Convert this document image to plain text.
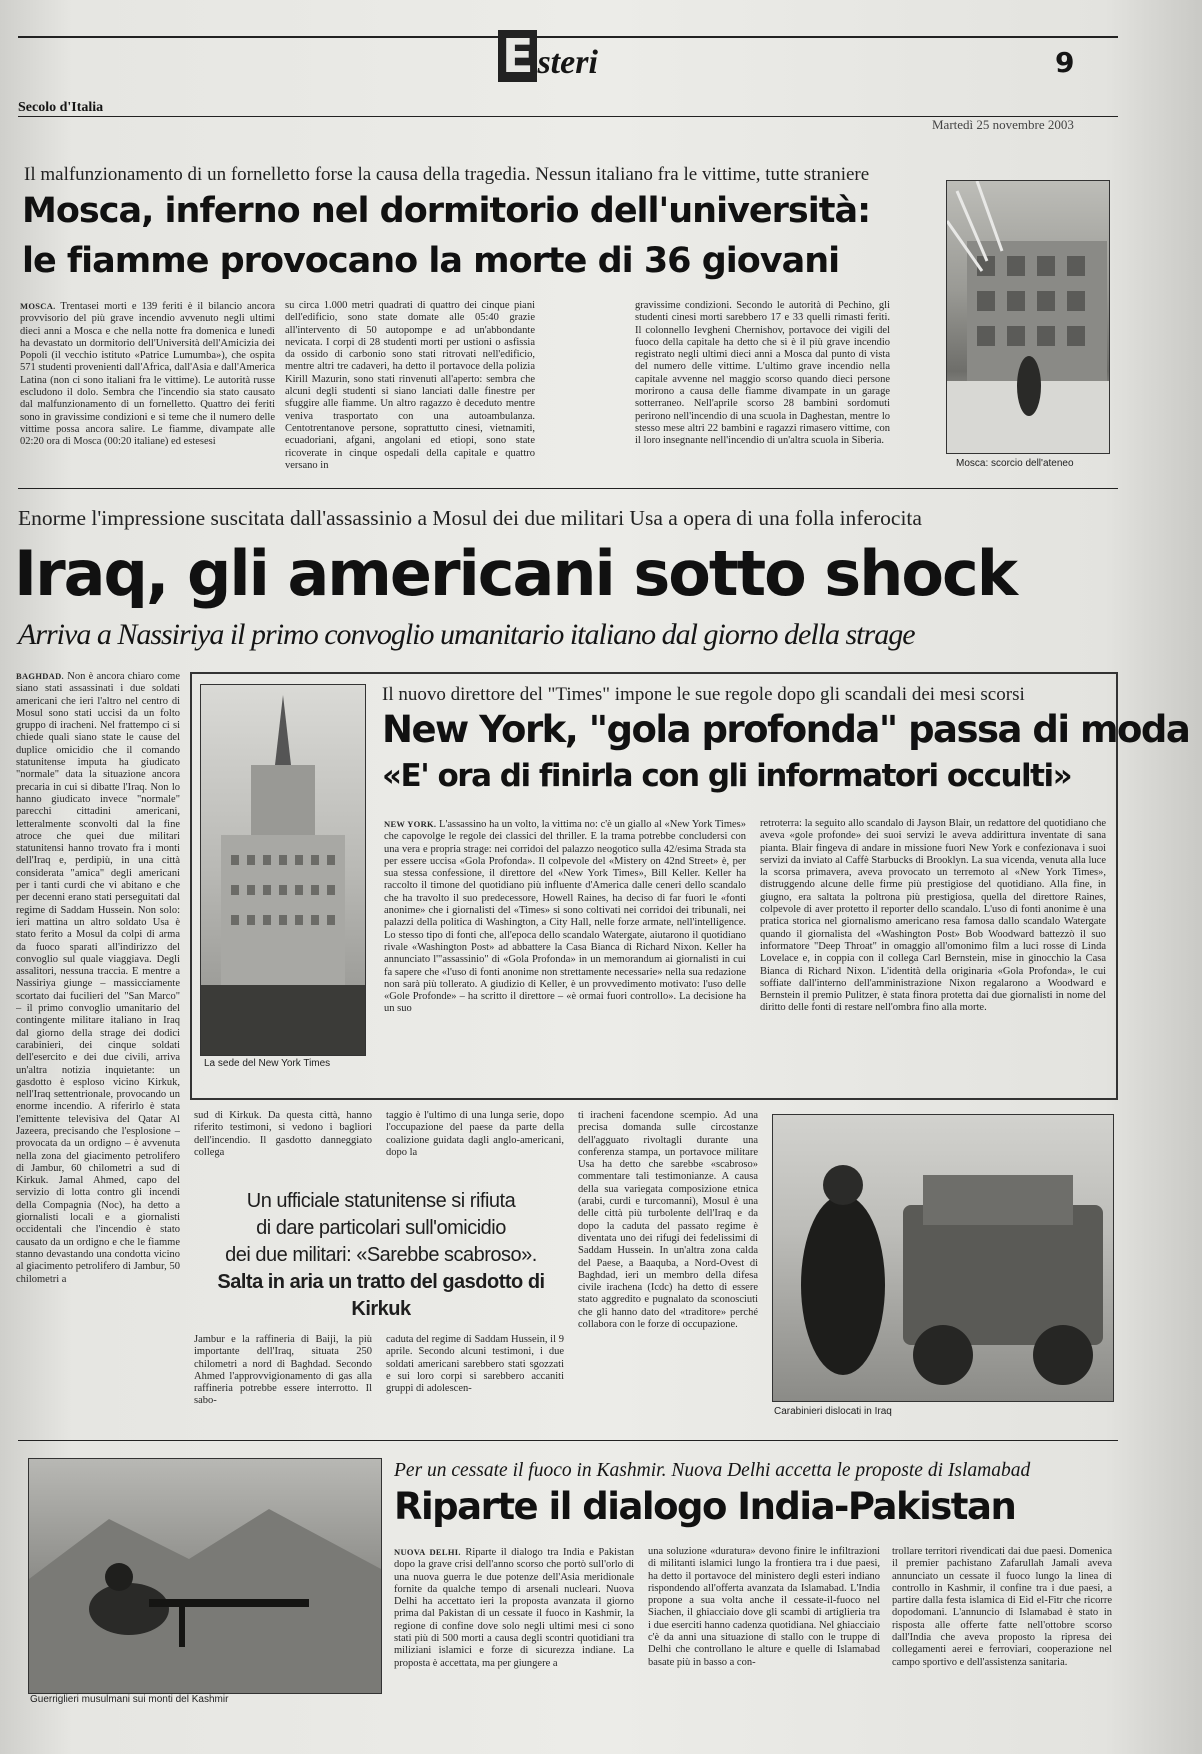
E steri	9
Secolo d'Italia
Martedì 25 novembre 2003
Il malfunzionamento di un fornelletto forse la causa della tragedia. Nessun italiano fra le vittime, tutte straniere
Mosca, inferno nel dormitorio dell'università:
le fiamme provocano la morte di 36 giovani
MOSCA. Trentasei morti e 139 feriti è il bilancio ancora provvisorio del più grave incendio avvenuto negli ultimi dieci anni a Mosca e che nella notte fra domenica e lunedì ha devastato un dormitorio dell'Università dell'Amicizia dei Popoli (il vecchio istituto «Patrice Lumumba»), che ospita 571 studenti provenienti dall'Africa, dall'Asia e dall'America Latina (non ci sono italiani fra le vittime). Le autorità russe escludono il dolo. Sembra che l'incendio sia stato causato dal malfunzionamento di un fornelletto. Quattro dei feriti sono in gravissime condizioni e si teme che il numero delle vittime possa ancora salire. Le fiamme, divampate alle 02:20 ora di Mosca (00:20 italiane) ed estesesi
su circa 1.000 metri quadrati di quattro dei cinque piani dell'edificio, sono state domate alle 05:40 grazie all'intervento di 50 autopompe e ad un'abbondante nevicata. I corpi di 28 studenti morti per ustioni o asfissia da ossido di carbonio sono stati ritrovati nell'edificio, mentre altri tre cadaveri, ha detto il portavoce della polizia Kirill Mazurin, sono stati rinvenuti all'aperto: sembra che alcuni degli studenti si siano lanciati dalle finestre per sfuggire alle fiamme. Un altro ragazzo è deceduto mentre veniva trasportato con una autoambulanza. Centotrentanove persone, soprattutto cinesi, vietnamiti, ecuadoriani, afgani, angolani ed etiopi, sono state ricoverate in cinque ospedali della capitale e quattro versano in
gravissime condizioni. Secondo le autorità di Pechino, gli studenti cinesi morti sarebbero 17 e 33 quelli rimasti feriti. Il colonnello Ievgheni Chernishov, portavoce dei vigili del fuoco della capitale ha detto che si è il più grave incendio registrato negli ultimi dieci anni a Mosca dal punto di vista del numero delle vittime. L'ultimo grave incendio nella capitale avvenne nel maggio scorso quando dieci persone morirono a causa delle fiamme divampate in un garage sotterraneo. Nell'aprile scorso 28 bambini sordomuti perirono nell'incendio di una scuola in Daghestan, mentre lo stesso mese altri 22 bambini e ragazzi rimasero vittime, con il loro insegnante nell'incendio di un'altra scuola in Siberia.
Mosca: scorcio dell'ateneo
Enorme l'impressione suscitata dall'assassinio a Mosul dei due militari Usa a opera di una folla inferocita
Iraq, gli americani sotto shock
Arriva a Nassiriya il primo convoglio umanitario italiano dal giorno della strage
BAGHDAD. Non è ancora chiaro come siano stati assassinati i due soldati americani che ieri l'altro nel centro di Mosul sono stati uccisi da un folto gruppo di iracheni. Nel frattempo ci si chiede quali siano state le cause del duplice omicidio che il comando statunitense imputa ha giudicato "normale" data la situazione ancora precaria in cui si dibatte l'Iraq. Non lo hanno giudicato invece "normale" parecchi cittadini americani, letteralmente sconvolti dal la fine atroce che quei due militari statunitensi hanno trovato fra i monti dell'Iraq e, perdipiù, in una città considerata "amica" degli americani per i tanti curdi che vi abitano e che per decenni erano stati perseguitati dal regime di Saddam Hussein. Non solo: ieri mattina un altro soldato Usa è stato ferito a Mosul da colpi di arma da fuoco sparati all'indirizzo del convoglio sul quale viaggiava. Degli assalitori, nessuna traccia. E mentre a Nassiriya giunge – massicciamente scortato dai fucilieri del "San Marco" – il primo convoglio umanitario del contingente militare italiano in Iraq dal giorno della strage dei dodici carabinieri, dei cinque soldati dell'esercito e dei due civili, arriva un'altra notizia inquietante: un gasdotto è esploso vicino Kirkuk, nell'Iraq settentrionale, provocando un enorme incendio. A riferirlo è stata l'emittente televisiva del Qatar Al Jazeera, precisando che l'esplosione – provocata da un ordigno – è avvenuta nella zona del giacimento petrolifero di Jambur, 60 chilometri a sud di Kirkuk. Jamal Ahmed, capo del servizio di lotta contro gli incendi della Compagnia (Noc), ha detto a giornalisti locali e a giornalisti occidentali che l'incendio è stato causato da un ordigno e che le fiamme stanno devastando una condotta vicino al giacimento petrolifero di Jambur, 50 chilometri a
La sede del New York Times
Il nuovo direttore del "Times" impone le sue regole dopo gli scandali dei mesi scorsi
New York, "gola profonda" passa di moda
«E' ora di finirla con gli informatori occulti»
NEW YORK. L'assassino ha un volto, la vittima no: c'è un giallo al «New York Times» che capovolge le regole dei classici del thriller. E la trama potrebbe concludersi con una vera e propria strage: nei corridoi del palazzo neogotico sulla 42/esima Strada sta per essere uccisa «Gola Profonda». Il colpevole del «Mistery on 42nd Street» è, per sua stessa confessione, il direttore del «New York Times», Bill Keller. Keller ha raccolto il timone del quotidiano più influente d'America dalle ceneri dello scandalo che ha travolto il suo predecessore, Howell Raines, ha deciso di far fuori le «fonti anonime» che i giornalisti del «Times» si sono coltivati nei corridoi dei tribunali, nei palazzi della politica di Washington, a City Hall, nelle forze armate, nell'intelligence. Lo stesso tipo di fonti che, all'epoca dello scandalo Watergate, aiutarono il quotidiano rivale «Washington Post» ad abbattere la Casa Bianca di Richard Nixon. Keller ha annunciato l'"assassinio" di «Gola Profonda» in un memorandum ai giornalisti in cui fa sapere che «l'uso di fonti anonime non strettamente necessarie» nella sua redazione non sarà più tollerato. A giudizio di Keller, è un provvedimento motivato: l'uso delle «Gole Profonde» – ha scritto il direttore – «è ormai fuori controllo». La decisione ha un suo
retroterra: la seguito allo scandalo di Jayson Blair, un redattore del quotidiano che aveva «gole profonde» dei suoi servizi le aveva addirittura inventate di sana pianta. Blair fingeva di andare in missione fuori New York e confezionava i suoi servizi da inviato al Caffè Starbucks di Brooklyn. La sua vicenda, venuta alla luce la scorsa primavera, aveva provocato un terremoto al «New York Times», distruggendo alcune delle firme più prestigiose del quotidiano. Alla fine, in giugno, era saltata la poltrona più prestigiosa, quella del direttore Raines, colpevole di aver protetto il reporter dello scandalo. L'uso di fonti anonime è una pratica storica nel giornalismo americano resa famosa dallo scandalo Watergate quando il giornalista del «Washington Post» Bob Woodward battezzò il suo informatore "Deep Throat" in omaggio all'omonimo film a luci rosse di Linda Lovelace e, in coppia con il collega Carl Bernstein, mise in ginocchio la Casa Bianca di Richard Nixon. L'identità della originaria «Gola Profonda», le cui soffiate dall'interno dell'amministrazione Nixon regalarono a Woodward e Bernstein il premio Pulitzer, è stata finora protetta dai due giornalisti in nome del diritto delle fonti di restare nell'ombra fino alla morte.
sud di Kirkuk. Da questa città, hanno riferito testimoni, si vedono i bagliori dell'incendio. Il gasdotto danneggiato collega
taggio è l'ultimo di una lunga serie, dopo l'occupazione del paese da parte della coalizione guidata dagli anglo-americani, dopo la
Un ufficiale statunitense si rifiuta
di dare particolari sull'omicidio
dei due militari: «Sarebbe scabroso».
Salta in aria un tratto del gasdotto di Kirkuk
Jambur e la raffineria di Baiji, la più importante dell'Iraq, situata 250 chilometri a nord di Baghdad. Secondo Ahmed l'approvvigionamento di gas alla raffineria potrebbe essere interrotto. Il sabo-
caduta del regime di Saddam Hussein, il 9 aprile. Secondo alcuni testimoni, i due soldati americani sarebbero stati sgozzati e sui loro corpi si sarebbero accaniti gruppi di adolescen-
ti iracheni facendone scempio. Ad una precisa domanda sulle circostanze dell'agguato rivoltagli durante una conferenza stampa, un portavoce militare Usa ha detto che sarebbe «scabroso» commentare tali testimonianze. A causa della sua variegata composizione etnica (arabi, curdi e turcomanni), Mosul è una delle città più turbolente dell'Iraq e da dopo la caduta del passato regime è diventata uno dei rifugi dei fedelissimi di Saddam Hussein. In un'altra zona calda del Paese, a Baaquba, a Nord-Ovest di Baghdad, ieri un membro della difesa civile irachena (Icdc) ha detto di essere stato aggredito e pugnalato da sconosciuti che gli hanno dato del «traditore» perché collabora con le forze di occupazione.
Carabinieri dislocati in Iraq
Guerriglieri musulmani sui monti del Kashmir
Per un cessate il fuoco in Kashmir. Nuova Delhi accetta le proposte di Islamabad
Riparte il dialogo India-Pakistan
NUOVA DELHI. Riparte il dialogo tra India e Pakistan dopo la grave crisi dell'anno scorso che portò sull'orlo di una nuova guerra le due potenze dell'Asia meridionale fornite da qualche tempo di arsenali nucleari. Nuova Delhi ha accettato ieri la proposta avanzata il giorno prima dal Pakistan di un cessate il fuoco in Kashmir, la regione di confine dove solo negli ultimi mesi ci sono stati più di 500 morti a causa degli scontri quotidiani tra miliziani islamici e forze di sicurezza indiane. La proposta è accettata, ma per giungere a
una soluzione «duratura» devono finire le infiltrazioni di militanti islamici lungo la frontiera tra i due paesi, ha detto il portavoce del ministero degli esteri indiano rispondendo all'offerta avanzata da Islamabad. L'India propone a sua volta anche il cessate-il-fuoco nel Siachen, il ghiacciaio dove gli scambi di artiglieria tra i due eserciti hanno cadenza quotidiana. Nel ghiacciaio c'è da anni una situazione di stallo con le truppe di Delhi che controllano le alture e quelle di Islamabad basate più in basso a con-
trollare territori rivendicati dai due paesi. Domenica il premier pachistano Zafarullah Jamali aveva annunciato un cessate il fuoco lungo la linea di controllo in Kashmir, il confine tra i due paesi, a partire dalla festa islamica di Eid el-Fitr che ricorre dopodomani. L'annuncio di Islamabad è stato in risposta alle offerte fatte nell'ottobre scorso dall'India che aveva proposto la ripresa dei collegamenti aerei e ferroviari, cooperazione nel campo sportivo e dell'assistenza sanitaria.
